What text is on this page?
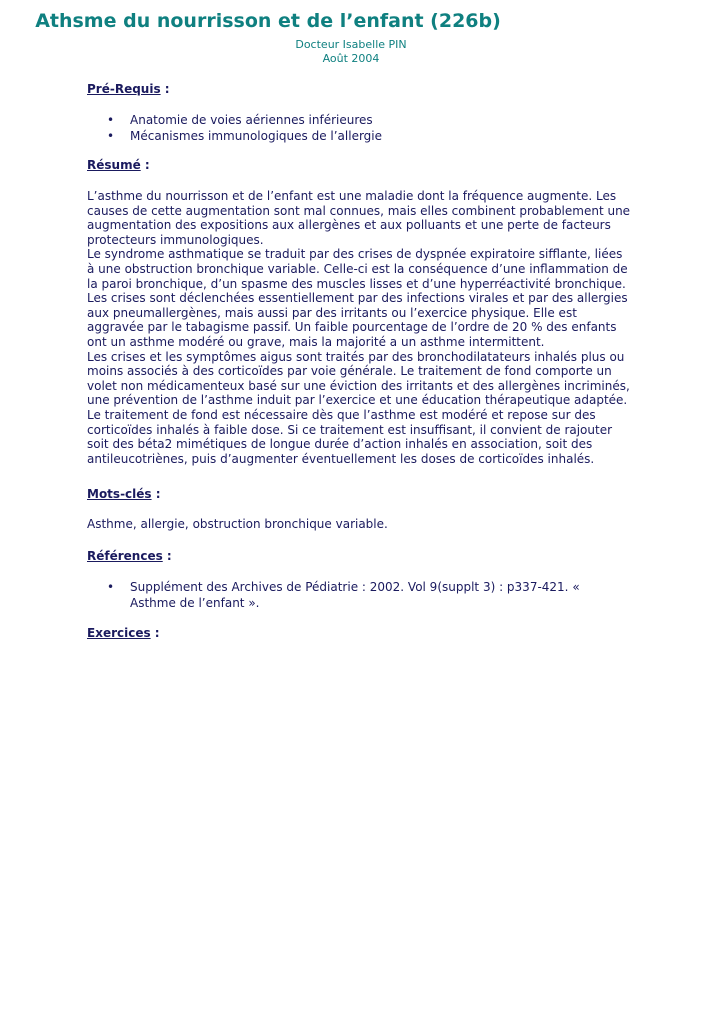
Athsme du nourrisson et de l’enfant (226b)
Docteur Isabelle PIN
Août 2004
Pré-Requis :
• Anatomie de voies aériennes inférieures
• Mécanismes immunologiques de l’allergie
Résumé :
L’asthme du nourrisson et de l’enfant est une maladie dont la fréquence augmente. Les
causes de cette augmentation sont mal connues, mais elles combinent probablement une
augmentation des expositions aux allergènes et aux polluants et une perte de facteurs
protecteurs immunologiques.
Le syndrome asthmatique se traduit par des crises de dyspnée expiratoire sifflante, liées
à une obstruction bronchique variable. Celle-ci est la conséquence d’une inflammation de
la paroi bronchique, d’un spasme des muscles lisses et d’une hyperréactivité bronchique.
Les crises sont déclenchées essentiellement par des infections virales et par des allergies
aux pneumallergènes, mais aussi par des irritants ou l’exercice physique. Elle est
aggravée par le tabagisme passif. Un faible pourcentage de l’ordre de 20 % des enfants
ont un asthme modéré ou grave, mais la majorité a un asthme intermittent.
Les crises et les symptômes aigus sont traités par des bronchodilatateurs inhalés plus ou
moins associés à des corticoïdes par voie générale. Le traitement de fond comporte un
volet non médicamenteux basé sur une éviction des irritants et des allergènes incriminés,
une prévention de l’asthme induit par l’exercice et une éducation thérapeutique adaptée.
Le traitement de fond est nécessaire dès que l’asthme est modéré et repose sur des
corticoïdes inhalés à faible dose. Si ce traitement est insuffisant, il convient de rajouter
soit des béta2 mimétiques de longue durée d’action inhalés en association, soit des
antileucotriènes, puis d’augmenter éventuellement les doses de corticoïdes inhalés.
Mots-clés :
Asthme, allergie, obstruction bronchique variable.
Références :
• Supplément des Archives de Pédiatrie : 2002. Vol 9(supplt 3) : p337-421. «
Asthme de l’enfant ».
Exercices :
